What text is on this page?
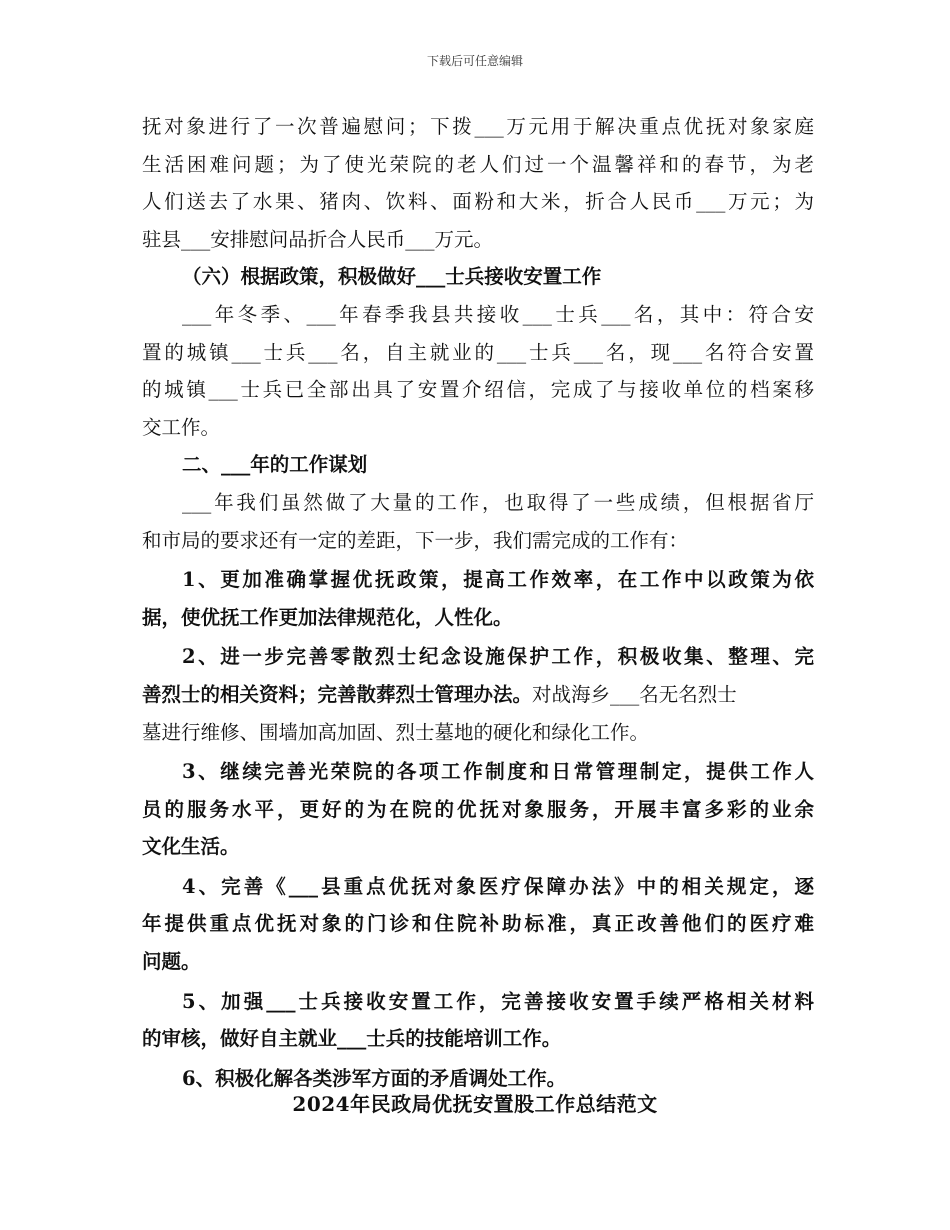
下载后可任意编辑
抚对象进行了一次普遍慰问；下拨___万元用于解决重点优抚对象家庭
生活困难问题；为了使光荣院的老人们过一个温馨祥和的春节，为老
人们送去了水果、猪肉、饮料、面粉和大米，折合人民币___万元；为
驻县___安排慰问品折合人民币___万元。
（六）根据政策，积极做好___士兵接收安置工作
___年冬季、___年春季我县共接收___士兵___名，其中：符合安
置的城镇___士兵___名，自主就业的___士兵___名，现___名符合安置
的城镇___士兵已全部出具了安置介绍信，完成了与接收单位的档案移
交工作。
二、___年的工作谋划
___年我们虽然做了大量的工作，也取得了一些成绩，但根据省厅
和市局的要求还有一定的差距，下一步，我们需完成的工作有：
1、更加准确掌握优抚政策，提高工作效率，在工作中以政策为依
据，使优抚工作更加法律规范化，人性化。
2、进一步完善零散烈士纪念设施保护工作，积极收集、整理、完
善烈士的相关资料；完善散葬烈士管理办法。对战海乡___名无名烈士
墓进行维修、围墙加高加固、烈士墓地的硬化和绿化工作。
3、继续完善光荣院的各项工作制度和日常管理制定，提供工作人
员的服务水平，更好的为在院的优抚对象服务，开展丰富多彩的业余
文化生活。
4、完善《___县重点优抚对象医疗保障办法》中的相关规定，逐
年提供重点优抚对象的门诊和住院补助标准，真正改善他们的医疗难
问题。
5、加强___士兵接收安置工作，完善接收安置手续严格相关材料
的审核，做好自主就业___士兵的技能培训工作。
6、积极化解各类涉军方面的矛盾调处工作。
2024年民政局优抚安置股工作总结范文
